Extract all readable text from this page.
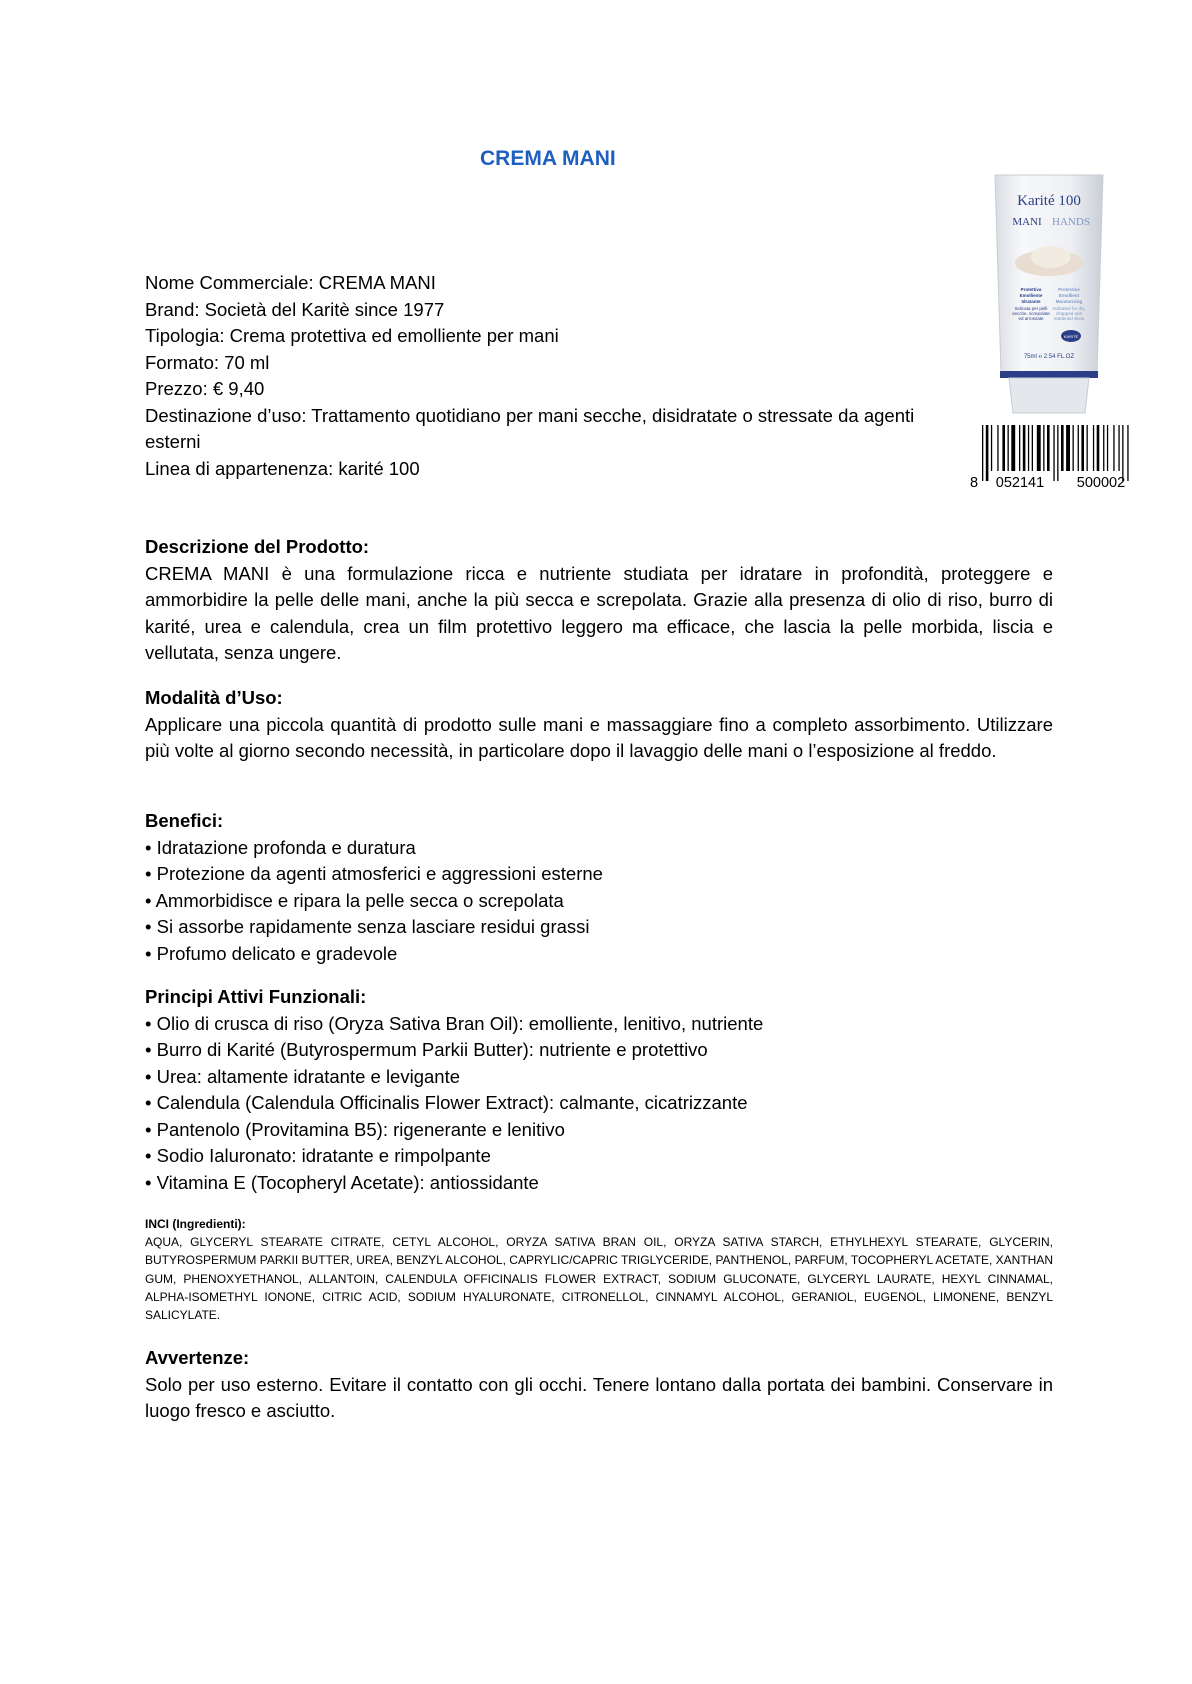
CREMA MANI

Nome Commerciale: CREMA MANI

Brand: Società del Karitè since 1977

Tipologia: Crema protettiva ed emolliente per mani

Formato: 70 ml

Prezzo: € 9,40

Destinazione d’uso: Trattamento quotidiano per mani secche, disidratate o stressate da agenti esterni

Linea di appartenenza: karité 100

Karité 100
MANI HANDS
Protettiva
Emolliente
Idratante
Indicata per pelli
secche, screpolate
ed arrossate
Protective
Emollient
Moisturizing
Indicated for dry,
chapped and
reddened skins
KARITÉ
75ml ℮ 2.54 FL.OZ
8 052141 500002
Descrizione del Prodotto:

CREMA MANI è una formulazione ricca e nutriente studiata per idratare in profondità, proteggere e ammorbidire la pelle delle mani, anche la più secca e screpolata. Grazie alla presenza di olio di riso, burro di karité, urea e calendula, crea un film protettivo leggero ma efficace, che lascia la pelle morbida, liscia e vellutata, senza ungere.

Modalità d’Uso:

Applicare una piccola quantità di prodotto sulle mani e massaggiare fino a completo assorbimento. Utilizzare più volte al giorno secondo necessità, in particolare dopo il lavaggio delle mani o l’esposizione al freddo.

Benefici:
• Idratazione profonda e duratura
• Protezione da agenti atmosferici e aggressioni esterne
• Ammorbidisce e ripara la pelle secca o screpolata
• Si assorbe rapidamente senza lasciare residui grassi
• Profumo delicato e gradevole
Principi Attivi Funzionali:
• Olio di crusca di riso (Oryza Sativa Bran Oil): emolliente, lenitivo, nutriente
• Burro di Karité (Butyrospermum Parkii Butter): nutriente e protettivo
• Urea: altamente idratante e levigante
• Calendula (Calendula Officinalis Flower Extract): calmante, cicatrizzante
• Pantenolo (Provitamina B5): rigenerante e lenitivo
• Sodio Ialuronato: idratante e rimpolpante
• Vitamina E (Tocopheryl Acetate): antiossidante
INCI (Ingredienti):

AQUA, GLYCERYL STEARATE CITRATE, CETYL ALCOHOL, ORYZA SATIVA BRAN OIL, ORYZA SATIVA STARCH, ETHYLHEXYL STEARATE, GLYCERIN, BUTYROSPERMUM PARKII BUTTER, UREA, BENZYL ALCOHOL, CAPRYLIC/CAPRIC TRIGLYCERIDE, PANTHENOL, PARFUM, TOCOPHERYL ACETATE, XANTHAN GUM, PHENOXYETHANOL, ALLANTOIN, CALENDULA OFFICINALIS FLOWER EXTRACT, SODIUM GLUCONATE, GLYCERYL LAURATE, HEXYL CINNAMAL, ALPHA-ISOMETHYL IONONE, CITRIC ACID, SODIUM HYALURONATE, CITRONELLOL, CINNAMYL ALCOHOL, GERANIOL, EUGENOL, LIMONENE, BENZYL SALICYLATE.

Avvertenze:

Solo per uso esterno. Evitare il contatto con gli occhi. Tenere lontano dalla portata dei bambini. Conservare in luogo fresco e asciutto.
